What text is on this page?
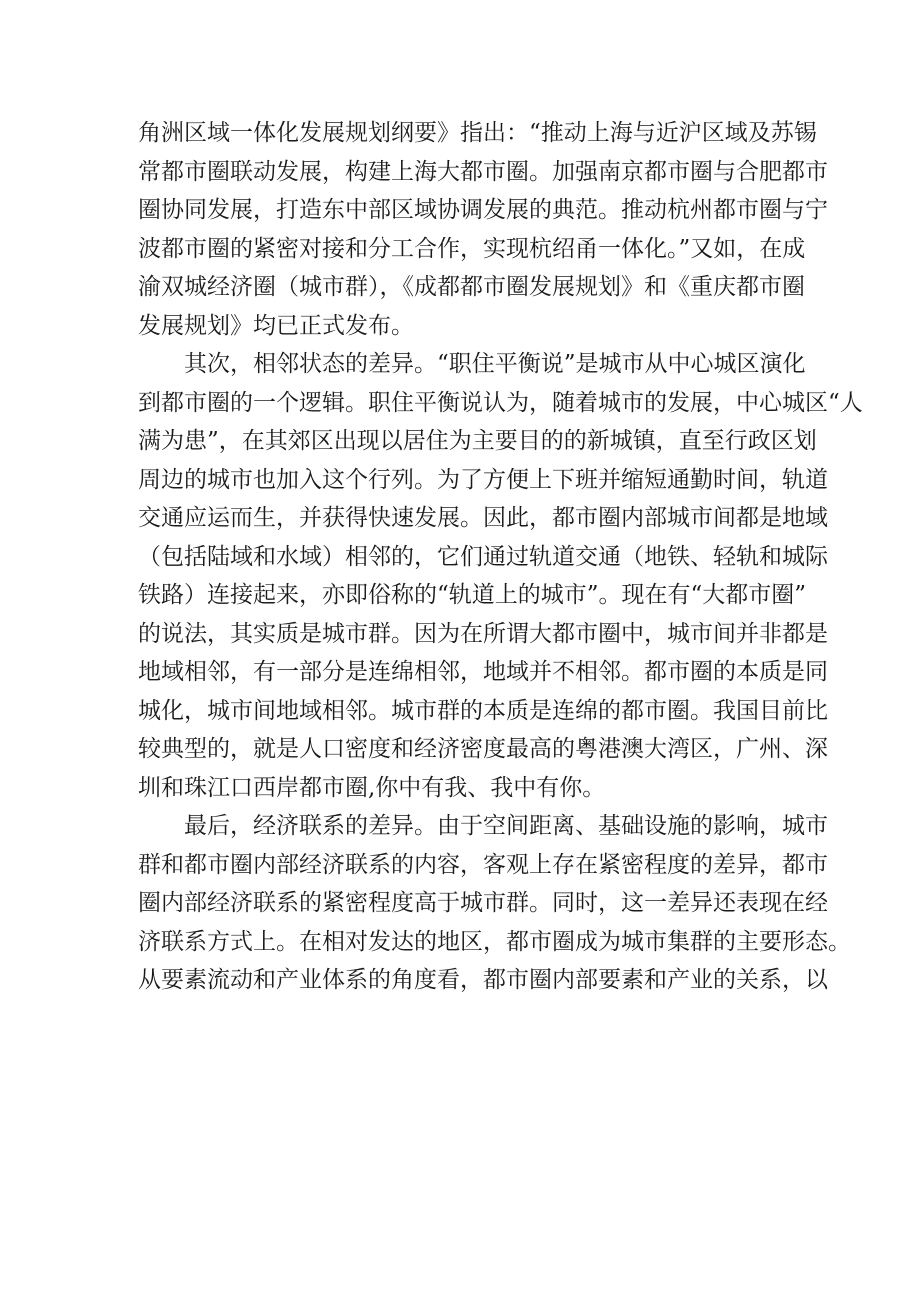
角洲区域一体化发展规划纲要》指出：“推动上海与近沪区域及苏锡
常都市圈联动发展，构建上海大都市圈。加强南京都市圈与合肥都市
圈协同发展，打造东中部区域协调发展的典范。推动杭州都市圈与宁
波都市圈的紧密对接和分工合作，实现杭绍甬一体化。”又如，在成
渝双城经济圈（城市群），《成都都市圈发展规划》和《重庆都市圈
发展规划》均已正式发布。
其次，相邻状态的差异。“职住平衡说”是城市从中心城区演化
到都市圈的一个逻辑。职住平衡说认为，随着城市的发展，中心城区“人
满为患”，在其郊区出现以居住为主要目的的新城镇，直至行政区划
周边的城市也加入这个行列。为了方便上下班并缩短通勤时间，轨道
交通应运而生，并获得快速发展。因此，都市圈内部城市间都是地域
（包括陆域和水域）相邻的，它们通过轨道交通（地铁、轻轨和城际
铁路）连接起来，亦即俗称的“轨道上的城市”。现在有“大都市圈”
的说法，其实质是城市群。因为在所谓大都市圈中，城市间并非都是
地域相邻，有一部分是连绵相邻，地域并不相邻。都市圈的本质是同
城化，城市间地域相邻。城市群的本质是连绵的都市圈。我国目前比
较典型的，就是人口密度和经济密度最高的粤港澳大湾区，广州、深
圳和珠江口西岸都市圈,你中有我、我中有你。
最后，经济联系的差异。由于空间距离、基础设施的影响，城市
群和都市圈内部经济联系的内容，客观上存在紧密程度的差异，都市
圈内部经济联系的紧密程度高于城市群。同时，这一差异还表现在经
济联系方式上。在相对发达的地区，都市圈成为城市集群的主要形态。
从要素流动和产业体系的角度看，都市圈内部要素和产业的关系，以
